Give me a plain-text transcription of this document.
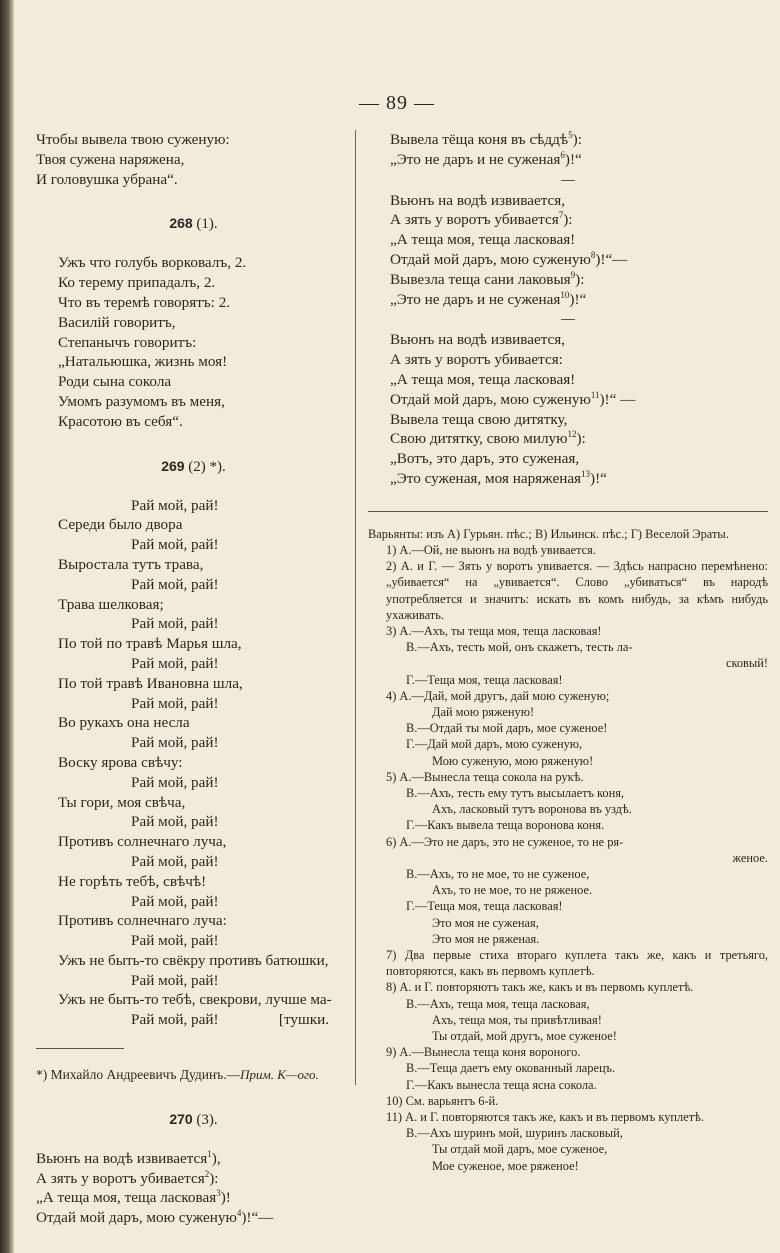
— 89 —
Чтобы вывела твою суженую:
Твоя сужена наряжена,
И головушка убрана“.
268 (1).
Ужъ что голубь ворковалъ, 2.
Ко терему припадалъ, 2.
Что въ теремѣ говорятъ: 2.
Василій говоритъ,
Степанычъ говоритъ:
„Натальюшка, жизнь моя!
Роди сына сокола
Умомъ разумомъ въ меня,
Красотою въ себя“.
269 (2) *).
Рай мой, рай!
Середи было двора
Рай мой, рай!
Выростала тутъ трава,
Рай мой, рай!
Трава шелковая;
Рай мой, рай!
По той по травѣ Марья шла,
Рай мой, рай!
По той травѣ Ивановна шла,
Рай мой, рай!
Во рукахъ она несла
Рай мой, рай!
Воску ярова свѣчу:
Рай мой, рай!
Ты гори, моя свѣча,
Рай мой, рай!
Противъ солнечнаго луча,
Рай мой, рай!
Не горѣть тебѣ, свѣчѣ!
Рай мой, рай!
Противъ солнечнаго луча:
Рай мой, рай!
Ужъ не быть-то свёкру противъ батюшки,
Рай мой, рай!
Ужъ не быть-то тебѣ, свекрови, лучше ма-
Рай мой, рай!	[тушки.
*) Михайло Андреевичъ Дудинъ.—Прим. К—ого.
270 (3).
Вьюнъ на водѣ извивается$^1$),
А зять у воротъ убивается$^2$):
„А теща моя, теща ласковая$^3$)!
Отдай мой даръ, мою суженую$^4$)!“—
Вывела тёща коня въ сѣддѣ$^5$):
„Это не даръ и не суженая$^6$)!“
Вьюнъ на водѣ извивается,
А зять у воротъ убивается$^7$):
„А теща моя, теща ласковая!
Отдай мой даръ, мою суженую$^8$)!“—
Вывезла теща сани лаковыя$^9$):
„Это не даръ и не суженая$^{10}$)!“
Вьюнъ на водѣ извивается,
А зять у воротъ убивается:
„А теща моя, теща ласковая!
Отдай мой даръ, мою суженую$^{11}$)!“ —
Вывела теща свою дитятку,
Свою дитятку, свою милую$^{12}$):
„Вотъ, это даръ, это суженая,
„Это суженая, моя наряженая$^{13}$)!“
Варьянты: изъ А) Гурьян. пѣс.; В) Ильинск. пѣс.; Г) Веселой Эраты.
1) А.—Ой, не вьюнъ на водѣ увивается.
2) А. и Г. — Зять у воротъ увивается. — Здѣсь напрасно перемѣнено: „убивается“ на „увивается“. Слово „убиваться“ въ народѣ употребляется и значитъ: искать въ комъ нибудь, за кѣмъ нибудь ухаживать.
3) А.—Ахъ, ты теща моя, теща ласковая!
В.—Ахъ, тесть мой, онъ скажетъ, тесть ла-
сковый!
Г.—Теща моя, теща ласковая!
4) А.—Дай, мой другъ, дай мою суженую;
Дай мою ряженую!
В.—Отдай ты мой даръ, мое суженое!
Г.—Дай мой даръ, мою суженую,
Мою суженую, мою ряженую!
5) А.—Вынесла теща сокола на рукѣ.
В.—Ахъ, тесть ему тутъ высылаетъ коня,
Ахъ, ласковый тутъ воронова въ уздѣ.
Г.—Какъ вывела теща воронова коня.
6) А.—Это не даръ, это не суженое, то не ря-
женое.
В.—Ахъ, то не мое, то не суженое,
Ахъ, то не мое, то не ряженое.
Г.—Теща моя, теща ласковая!
Это моя не суженая,
Это моя не ряженая.
7) Два первые стиха втораго куплета такъ же, какъ и третьяго, повторяются, какъ въ первомъ куплетѣ.
8) А. и Г. повторяютъ такъ же, какъ и въ первомъ куплетѣ.
В.—Ахъ, теща моя, теща ласковая,
Ахъ, теща моя, ты привѣтливая!
Ты отдай, мой другъ, мое суженое!
9) А.—Вынесла теща коня вороного.
В.—Теща даетъ ему окованный ларецъ.
Г.—Какъ вынесла теща ясна сокола.
10) См. варьянтъ 6-й.
11) А. и Г. повторяются такъ же, какъ и въ первомъ куплетѣ.
В.—Ахъ шуринъ мой, шуринъ ласковый,
Ты отдай мой даръ, мое суженое,
Мое суженое, мое ряженое!
